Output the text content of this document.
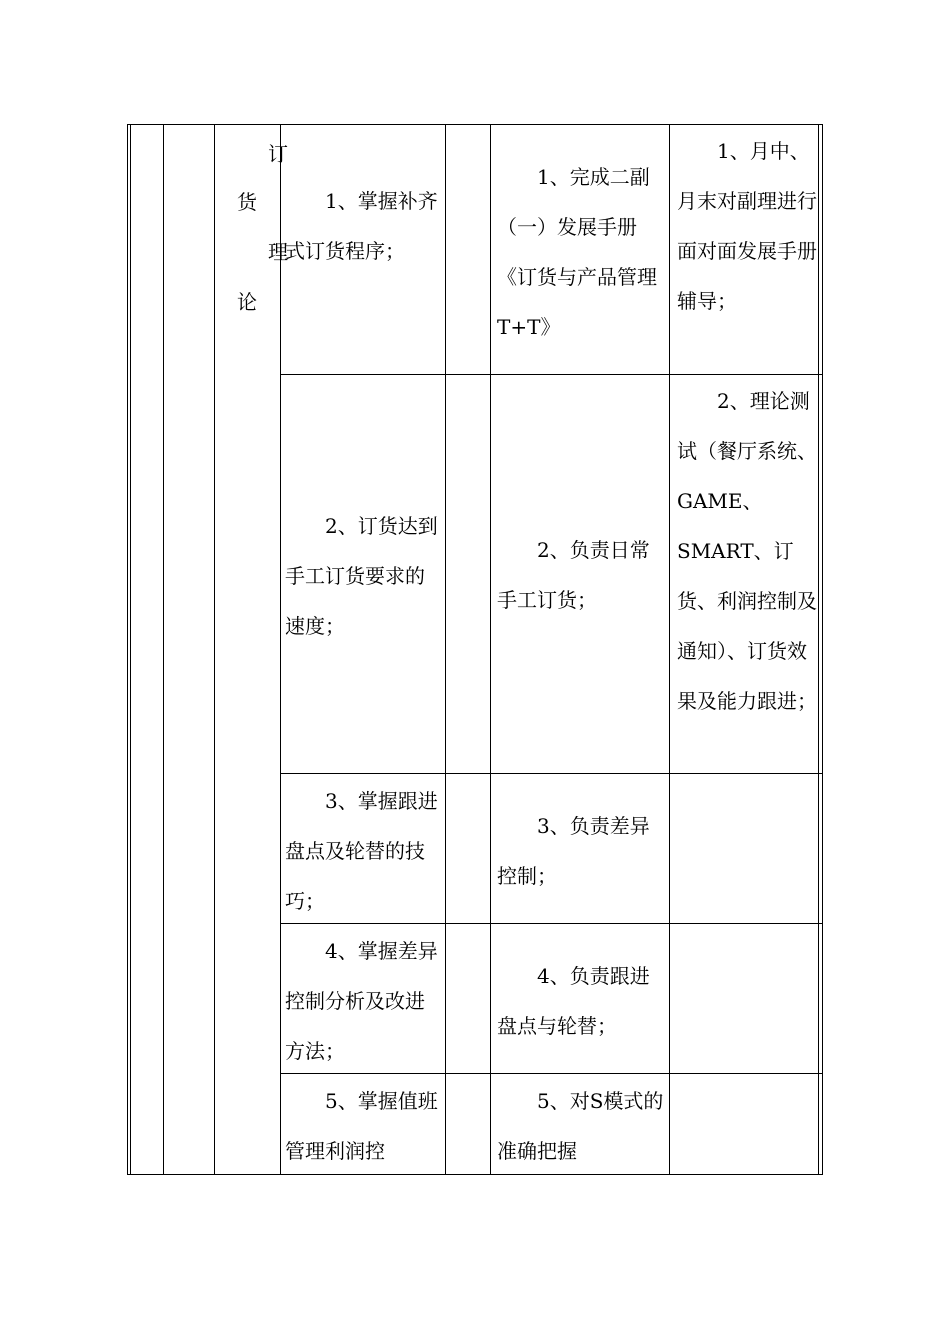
订
货
理
论

1、掌握补齐式订货程序；

1、完成二副（一）发展手册《订货与产品管理T+T》

1、月中、月末对副理进行面对面发展手册辅导；

2、订货达到手工订货要求的速度；

2、负责日常手工订货；

2、理论测试（餐厅系统、GAME、SMART、订货、利润控制及通知）、订货效果及能力跟进；

3、掌握跟进盘点及轮替的技巧；

3、负责差异控制；

4、掌握差异控制分析及改进方法；

4、负责跟进盘点与轮替；

5、掌握值班管理利润控

5、对S模式的准确把握
